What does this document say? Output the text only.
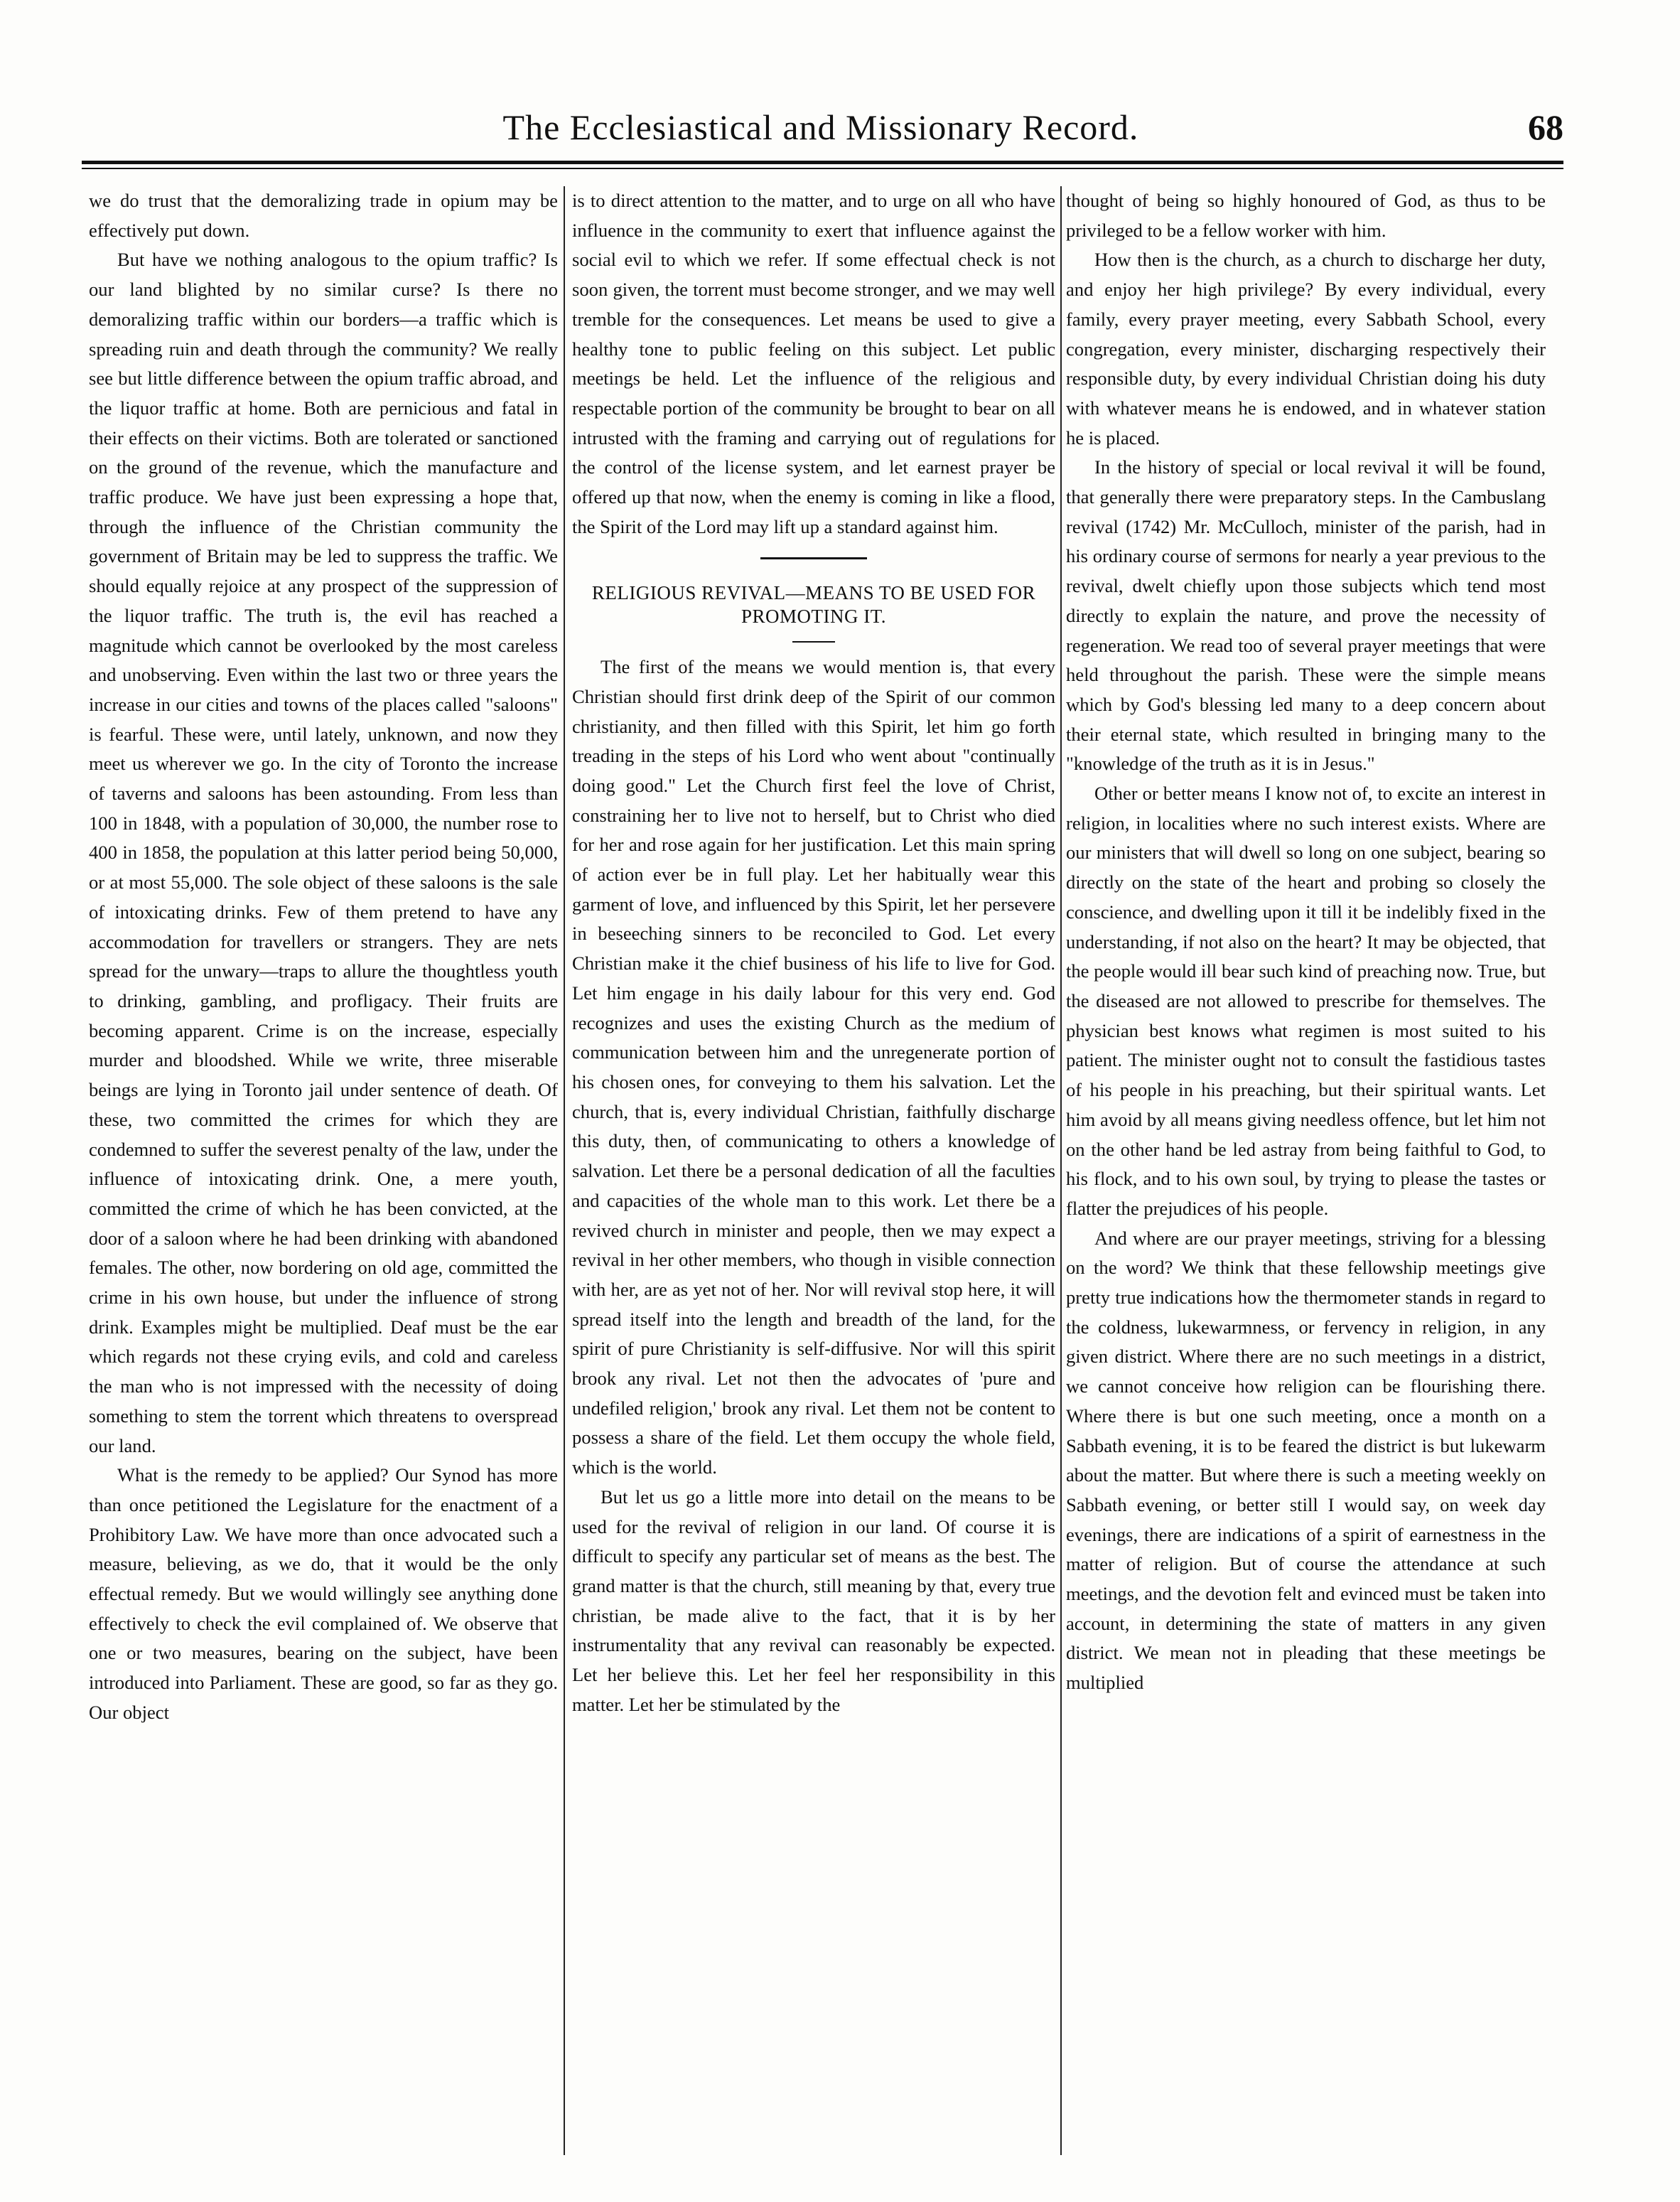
The Ecclesiastical and Missionary Record.	68

we do trust that the demoralizing trade in opium may be effectively put down.

But have we nothing analogous to the opium traffic? Is our land blighted by no similar curse? Is there no demoralizing traffic within our borders—a traffic which is spreading ruin and death through the community? We really see but little difference between the opium traffic abroad, and the liquor traffic at home. Both are pernicious and fatal in their effects on their victims. Both are tolerated or sanctioned on the ground of the revenue, which the manufacture and traffic produce. We have just been expressing a hope that, through the influence of the Christian community the government of Britain may be led to suppress the traffic. We should equally rejoice at any prospect of the suppression of the liquor traffic. The truth is, the evil has reached a magnitude which cannot be overlooked by the most careless and unobserving. Even within the last two or three years the increase in our cities and towns of the places called "saloons" is fearful. These were, until lately, unknown, and now they meet us wherever we go. In the city of Toronto the increase of taverns and saloons has been astounding. From less than 100 in 1848, with a population of 30,000, the number rose to 400 in 1858, the population at this latter period being 50,000, or at most 55,000. The sole object of these saloons is the sale of intoxicating drinks. Few of them pretend to have any accommodation for travellers or strangers. They are nets spread for the unwary—traps to allure the thoughtless youth to drinking, gambling, and profligacy. Their fruits are becoming apparent. Crime is on the increase, especially murder and bloodshed. While we write, three miserable beings are lying in Toronto jail under sentence of death. Of these, two committed the crimes for which they are condemned to suffer the severest penalty of the law, under the influence of intoxicating drink. One, a mere youth, committed the crime of which he has been convicted, at the door of a saloon where he had been drinking with abandoned females. The other, now bordering on old age, committed the crime in his own house, but under the influence of strong drink. Examples might be multiplied. Deaf must be the ear which regards not these crying evils, and cold and careless the man who is not impressed with the necessity of doing something to stem the torrent which threatens to overspread our land.

What is the remedy to be applied? Our Synod has more than once petitioned the Legislature for the enactment of a Prohibitory Law. We have more than once advocated such a measure, believing, as we do, that it would be the only effectual remedy. But we would willingly see anything done effectively to check the evil complained of. We observe that one or two measures, bearing on the subject, have been introduced into Parliament. These are good, so far as they go. Our object

is to direct attention to the matter, and to urge on all who have influence in the community to exert that influence against the social evil to which we refer. If some effectual check is not soon given, the torrent must become stronger, and we may well tremble for the consequences. Let means be used to give a healthy tone to public feeling on this subject. Let public meetings be held. Let the influence of the religious and respectable portion of the community be brought to bear on all intrusted with the framing and carrying out of regulations for the control of the license system, and let earnest prayer be offered up that now, when the enemy is coming in like a flood, the Spirit of the Lord may lift up a standard against him.

RELIGIOUS REVIVAL—MEANS TO BE USED FOR PROMOTING IT.

The first of the means we would mention is, that every Christian should first drink deep of the Spirit of our common christianity, and then filled with this Spirit, let him go forth treading in the steps of his Lord who went about "continually doing good." Let the Church first feel the love of Christ, constraining her to live not to herself, but to Christ who died for her and rose again for her justification. Let this main spring of action ever be in full play. Let her habitually wear this garment of love, and influenced by this Spirit, let her persevere in beseeching sinners to be reconciled to God. Let every Christian make it the chief business of his life to live for God. Let him engage in his daily labour for this very end. God recognizes and uses the existing Church as the medium of communication between him and the unregenerate portion of his chosen ones, for conveying to them his salvation. Let the church, that is, every individual Christian, faithfully discharge this duty, then, of communicating to others a knowledge of salvation. Let there be a personal dedication of all the faculties and capacities of the whole man to this work. Let there be a revived church in minister and people, then we may expect a revival in her other members, who though in visible connection with her, are as yet not of her. Nor will revival stop here, it will spread itself into the length and breadth of the land, for the spirit of pure Christianity is self-diffusive. Nor will this spirit brook any rival. Let not then the advocates of 'pure and undefiled religion,' brook any rival. Let them not be content to possess a share of the field. Let them occupy the whole field, which is the world.

But let us go a little more into detail on the means to be used for the revival of religion in our land. Of course it is difficult to specify any particular set of means as the best. The grand matter is that the church, still meaning by that, every true christian, be made alive to the fact, that it is by her instrumentality that any revival can reasonably be expected. Let her believe this. Let her feel her responsibility in this matter. Let her be stimulated by the

thought of being so highly honoured of God, as thus to be privileged to be a fellow worker with him.

How then is the church, as a church to discharge her duty, and enjoy her high privilege? By every individual, every family, every prayer meeting, every Sabbath School, every congregation, every minister, discharging respectively their responsible duty, by every individual Christian doing his duty with whatever means he is endowed, and in whatever station he is placed.

In the history of special or local revival it will be found, that generally there were preparatory steps. In the Cambuslang revival (1742) Mr. McCulloch, minister of the parish, had in his ordinary course of sermons for nearly a year previous to the revival, dwelt chiefly upon those subjects which tend most directly to explain the nature, and prove the necessity of regeneration. We read too of several prayer meetings that were held throughout the parish. These were the simple means which by God's blessing led many to a deep concern about their eternal state, which resulted in bringing many to the "knowledge of the truth as it is in Jesus."

Other or better means I know not of, to excite an interest in religion, in localities where no such interest exists. Where are our ministers that will dwell so long on one subject, bearing so directly on the state of the heart and probing so closely the conscience, and dwelling upon it till it be indelibly fixed in the understanding, if not also on the heart? It may be objected, that the people would ill bear such kind of preaching now. True, but the diseased are not allowed to prescribe for themselves. The physician best knows what regimen is most suited to his patient. The minister ought not to consult the fastidious tastes of his people in his preaching, but their spiritual wants. Let him avoid by all means giving needless offence, but let him not on the other hand be led astray from being faithful to God, to his flock, and to his own soul, by trying to please the tastes or flatter the prejudices of his people.

And where are our prayer meetings, striving for a blessing on the word? We think that these fellowship meetings give pretty true indications how the thermometer stands in regard to the coldness, lukewarmness, or fervency in religion, in any given district. Where there are no such meetings in a district, we cannot conceive how religion can be flourishing there. Where there is but one such meeting, once a month on a Sabbath evening, it is to be feared the district is but lukewarm about the matter. But where there is such a meeting weekly on Sabbath evening, or better still I would say, on week day evenings, there are indications of a spirit of earnestness in the matter of religion. But of course the attendance at such meetings, and the devotion felt and evinced must be taken into account, in determining the state of matters in any given district. We mean not in pleading that these meetings be multiplied
